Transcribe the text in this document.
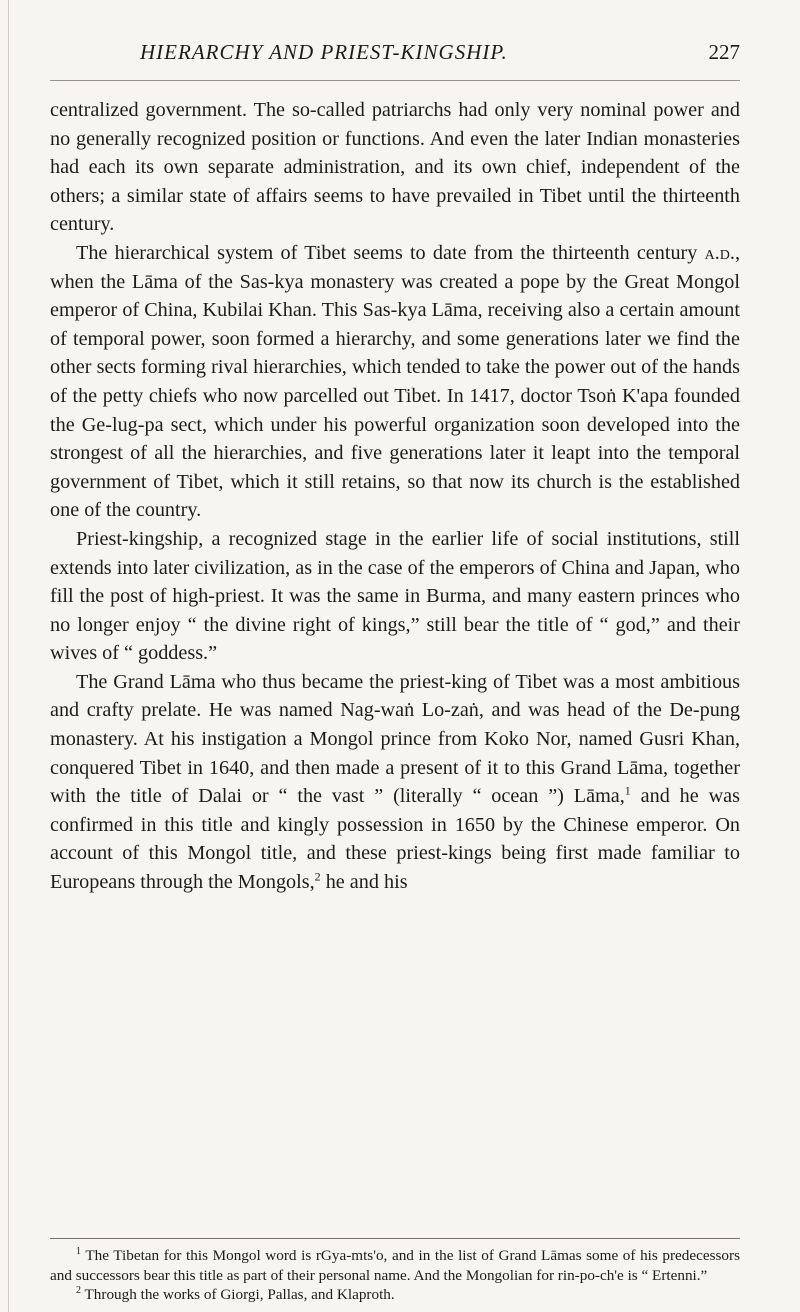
HIERARCHY AND PRIEST-KINGSHIP.	227

centralized government. The so-called patriarchs had only very nominal power and no generally recognized position or functions. And even the later Indian monasteries had each its own separate administration, and its own chief, independent of the others; a similar state of affairs seems to have prevailed in Tibet until the thirteenth century.

The hierarchical system of Tibet seems to date from the thirteenth century a.d., when the Lāma of the Sas-kya monastery was created a pope by the Great Mongol emperor of China, Kubilai Khan. This Sas-kya Lāma, receiving also a certain amount of temporal power, soon formed a hierarchy, and some generations later we find the other sects forming rival hierarchies, which tended to take the power out of the hands of the petty chiefs who now parcelled out Tibet. In 1417, doctor Tsoṅ K'apa founded the Ge-lug-pa sect, which under his powerful organization soon developed into the strongest of all the hierarchies, and five generations later it leapt into the temporal government of Tibet, which it still retains, so that now its church is the established one of the country.

Priest-kingship, a recognized stage in the earlier life of social institutions, still extends into later civilization, as in the case of the emperors of China and Japan, who fill the post of high-priest. It was the same in Burma, and many eastern princes who no longer enjoy “ the divine right of kings,” still bear the title of “ god,” and their wives of “ goddess.”

The Grand Lāma who thus became the priest-king of Tibet was a most ambitious and crafty prelate. He was named Nag-waṅ Lo-zaṅ, and was head of the De-pung monastery. At his instigation a Mongol prince from Koko Nor, named Gusri Khan, conquered Tibet in 1640, and then made a present of it to this Grand Lāma, together with the title of Dalai or “ the vast ” (literally “ ocean ”) Lāma,$^1$ and he was confirmed in this title and kingly possession in 1650 by the Chinese emperor. On account of this Mongol title, and these priest-kings being first made familiar to Europeans through the Mongols,$^2$ he and his

$^1$ The Tibetan for this Mongol word is rGya-mts'o, and in the list of Grand Lāmas some of his predecessors and successors bear this title as part of their personal name. And the Mongolian for rin-po-ch'e is “ Ertenni.”

$^2$ Through the works of Giorgi, Pallas, and Klaproth.
